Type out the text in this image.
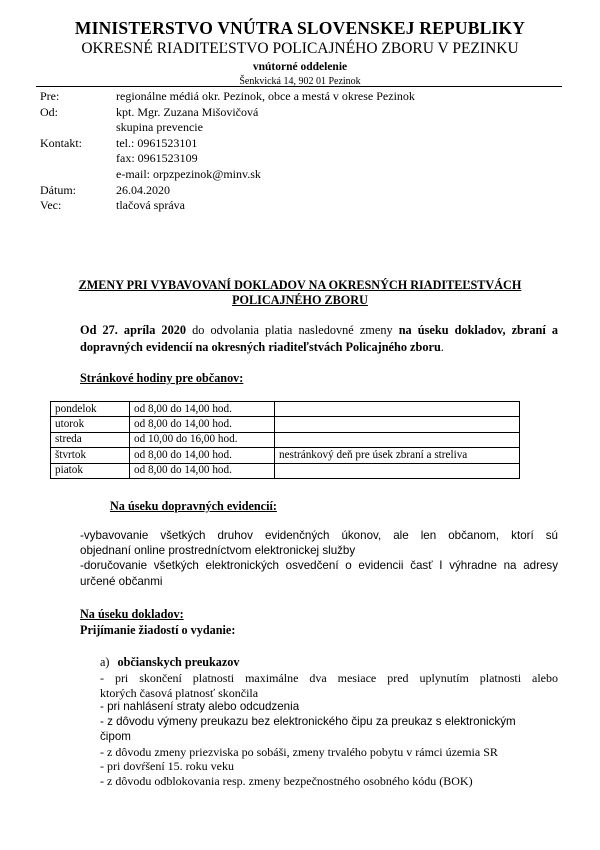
MINISTERSTVO VNÚTRA SLOVENSKEJ REPUBLIKY
OKRESNÉ RIADITEĽSTVO POLICAJNÉHO ZBORU V PEZINKU
vnútorné oddelenie
Šenkvická 14, 902 01 Pezinok
Pre:	regionálne médiá okr. Pezinok, obce a mestá v okrese Pezinok
Od:	kpt. Mgr. Zuzana Mišovičová
skupina prevencie
Kontakt:	tel.: 0961523101
fax: 0961523109
e-mail: orpzpezinok@minv.sk
Dátum:	26.04.2020
Vec:	tlačová správa
ZMENY PRI VYBAVOVANÍ DOKLADOV NA OKRESNÝCH RIADITEĽSTVÁCH
POLICAJNÉHO ZBORU
Od 27. apríla 2020 do odvolania platia nasledovné zmeny na úseku dokladov, zbraní a dopravných evidencií na okresných riaditeľstvách Policajného zboru.
Stránkové hodiny pre občanov:
pondelok	od 8,00 do 14,00 hod.	
utorok	od 8,00 do 14,00 hod.	
streda	od 10,00 do 16,00 hod.	
štvrtok	od 8,00 do 14,00 hod.	nestránkový deň pre úsek zbraní a streliva
piatok	od 8,00 do 14,00 hod.	
Na úseku dopravných evidencií:
-vybavovanie všetkých druhov evidenčných úkonov, ale len občanom, ktorí sú
objednaní online prostredníctvom elektronickej služby
-doručovanie všetkých elektronických osvedčení o evidencii časť I výhradne na adresy
určené občanmi
Na úseku dokladov:
Prijímanie žiadostí o vydanie:
a) občianskych preukazov
- pri skončení platnosti maximálne dva mesiace pred uplynutím platnosti alebo
ktorých časová platnosť skončila
- pri nahlásení straty alebo odcudzenia
- z dôvodu výmeny preukazu bez elektronického čipu za preukaz s elektronickým
čipom
- z dôvodu zmeny priezviska po sobáši, zmeny trvalého pobytu v rámci územia SR
- pri dovŕšení 15. roku veku
- z dôvodu odblokovania resp. zmeny bezpečnostného osobného kódu (BOK)
